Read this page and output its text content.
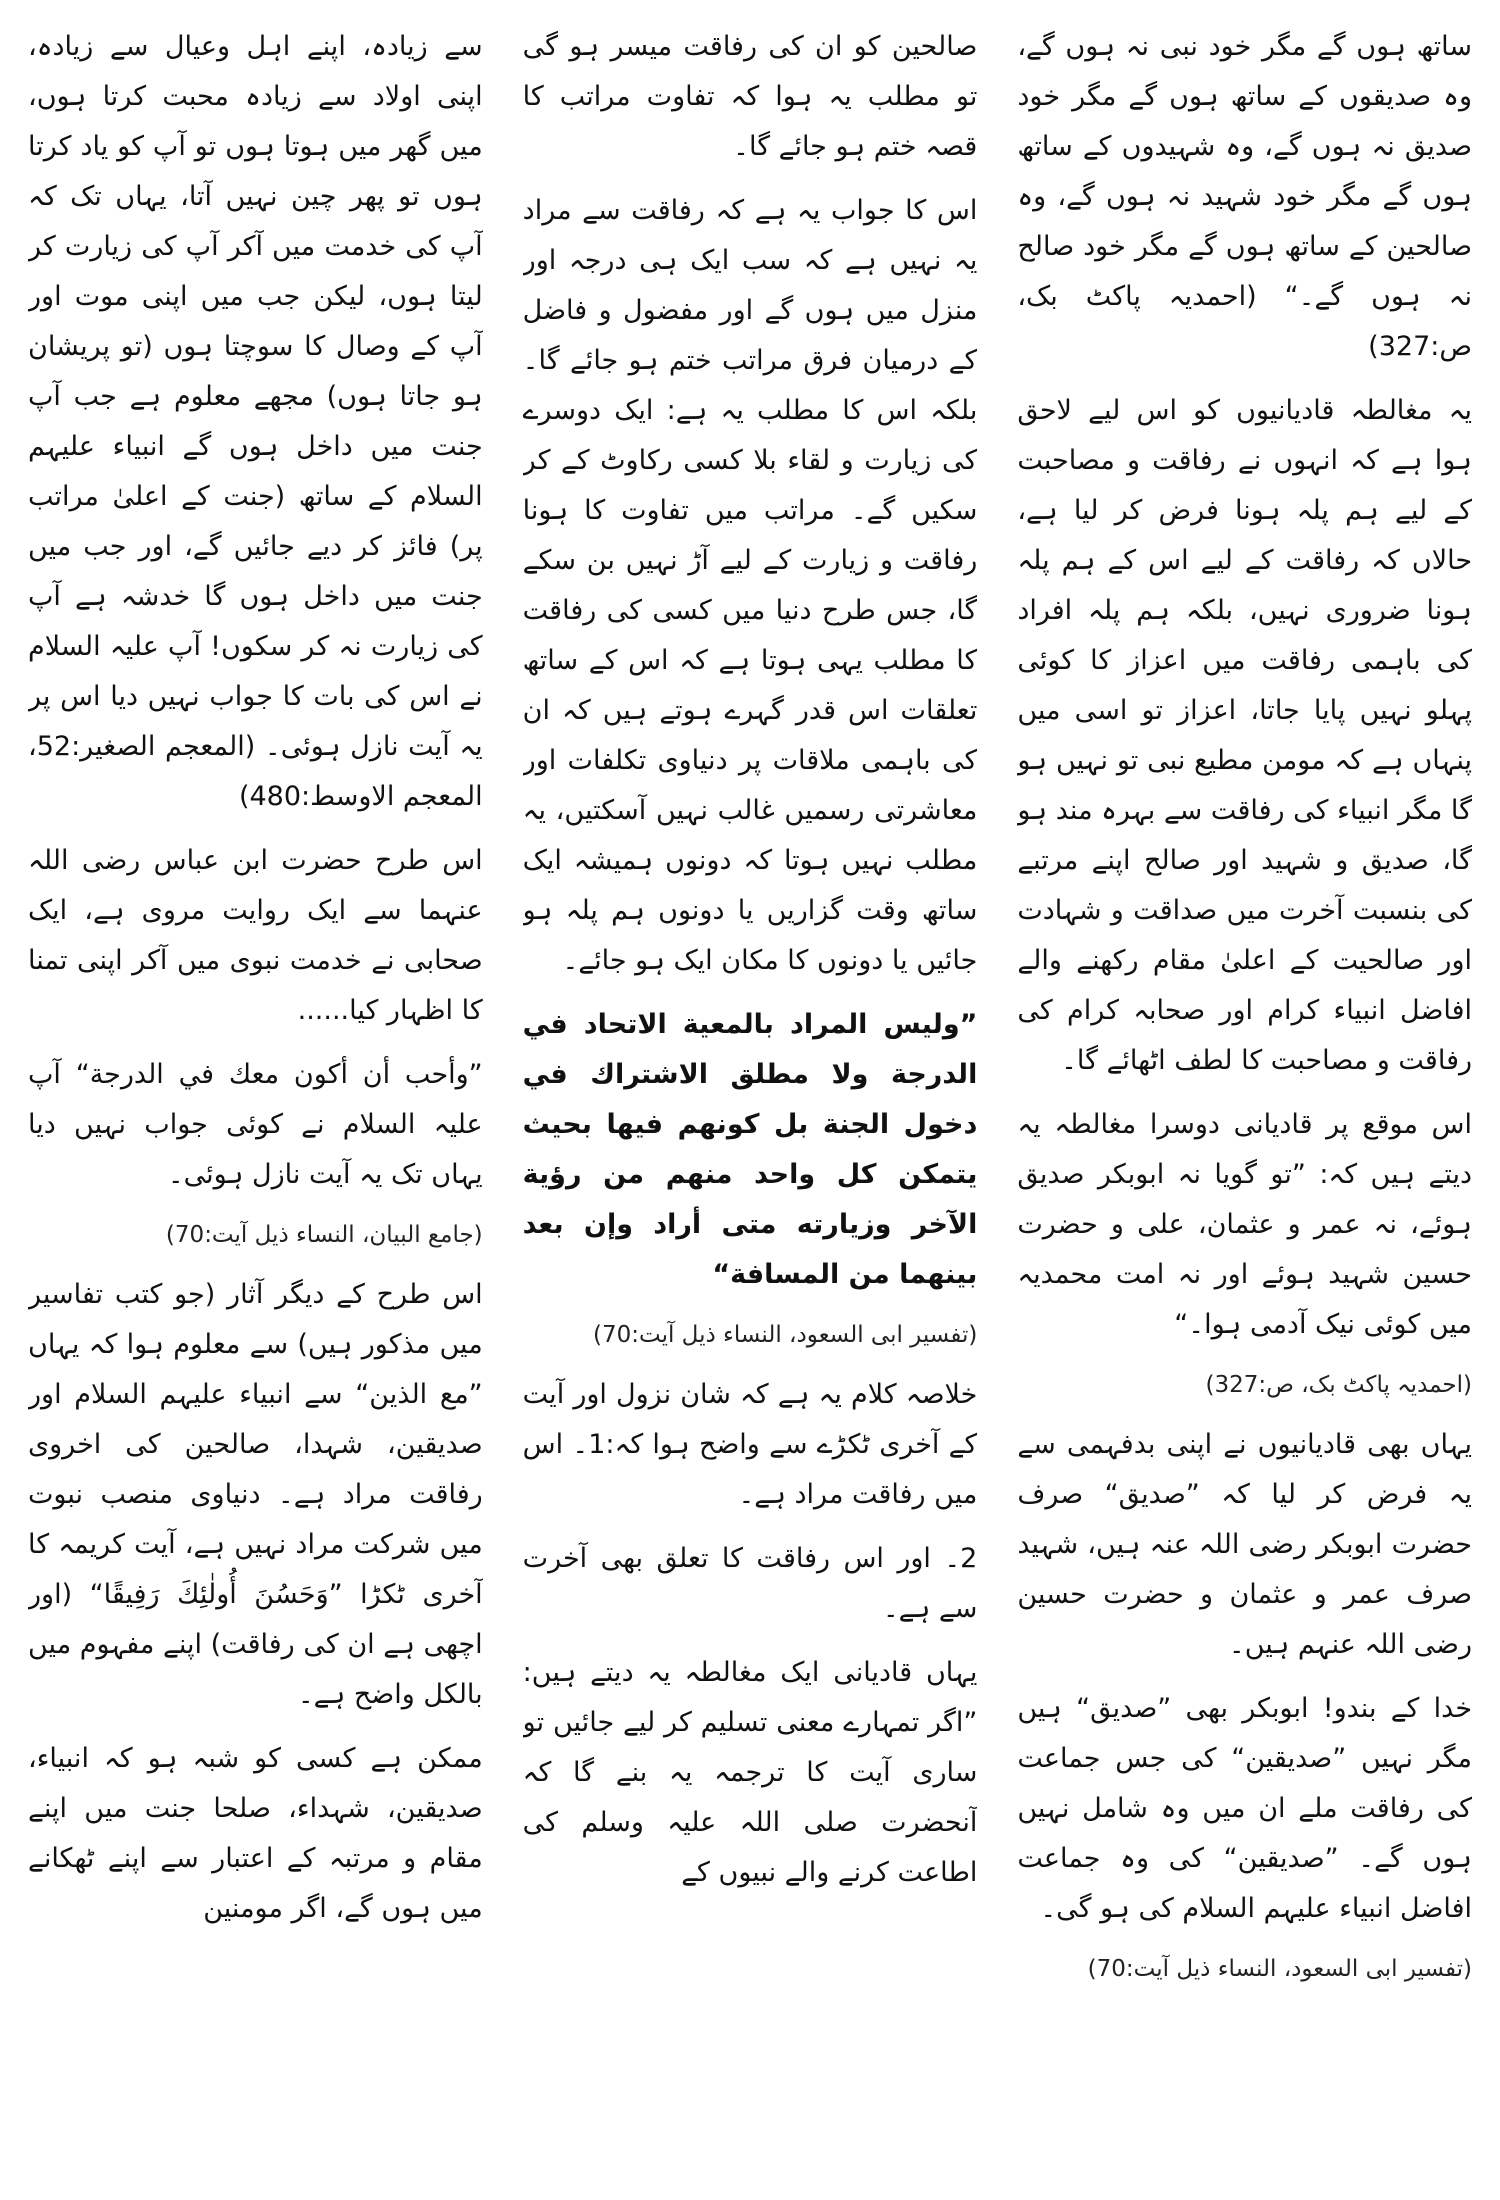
سے زیادہ، اپنے اہل وعیال سے زیادہ، اپنی اولاد سے زیادہ محبت کرتا ہوں، میں گھر میں ہوتا ہوں تو آپ کو یاد کرتا ہوں تو پھر چین نہیں آتا، یہاں تک کہ آپ کی خدمت میں آکر آپ کی زیارت کر لیتا ہوں، لیکن جب میں اپنی موت اور آپ کے وصال کا سوچتا ہوں (تو پریشان ہو جاتا ہوں) مجھے معلوم ہے جب آپ جنت میں داخل ہوں گے انبیاء علیہم السلام کے ساتھ (جنت کے اعلیٰ مراتب پر) فائز کر دیے جائیں گے، اور جب میں جنت میں داخل ہوں گا خدشہ ہے آپ کی زیارت نہ کر سکوں! آپ علیہ السلام نے اس کی بات کا جواب نہیں دیا اس پر یہ آیت نازل ہوئی۔ (المعجم الصغیر:52، المعجم الاوسط:480)

اس طرح حضرت ابن عباس رضی اللہ عنہما سے ایک روایت مروی ہے، ایک صحابی نے خدمت نبوی میں آکر اپنی تمنا کا اظہار کیا......

”وأحب أن أكون معك في الدرجة“ آپ علیہ السلام نے کوئی جواب نہیں دیا یہاں تک یہ آیت نازل ہوئی۔

(جامع البیان، النساء ذیل آیت:70)

اس طرح کے دیگر آثار (جو کتب تفاسیر میں مذکور ہیں) سے معلوم ہوا کہ یہاں ”مع الذین“ سے انبیاء علیہم السلام اور صدیقین، شہدا، صالحین کی اخروی رفاقت مراد ہے۔ دنیاوی منصب نبوت میں شرکت مراد نہیں ہے، آیت کریمہ کا آخری ٹکڑا ”وَحَسُنَ أُولٰئِكَ رَفِيقًا“ (اور اچھی ہے ان کی رفاقت) اپنے مفہوم میں بالکل واضح ہے۔

ممکن ہے کسی کو شبہ ہو کہ انبیاء، صدیقین، شہداء، صلحا جنت میں اپنے مقام و مرتبہ کے اعتبار سے اپنے ٹھکانے میں ہوں گے، اگر مومنین

صالحین کو ان کی رفاقت میسر ہو گی تو مطلب یہ ہوا کہ تفاوت مراتب کا قصہ ختم ہو جائے گا۔

اس کا جواب یہ ہے کہ رفاقت سے مراد یہ نہیں ہے کہ سب ایک ہی درجہ اور منزل میں ہوں گے اور مفضول و فاضل کے درمیان فرق مراتب ختم ہو جائے گا۔ بلکہ اس کا مطلب یہ ہے: ایک دوسرے کی زیارت و لقاء بلا کسی رکاوٹ کے کر سکیں گے۔ مراتب میں تفاوت کا ہونا رفاقت و زیارت کے لیے آڑ نہیں بن سکے گا، جس طرح دنیا میں کسی کی رفاقت کا مطلب یہی ہوتا ہے کہ اس کے ساتھ تعلقات اس قدر گہرے ہوتے ہیں کہ ان کی باہمی ملاقات پر دنیاوی تکلفات اور معاشرتی رسمیں غالب نہیں آسکتیں، یہ مطلب نہیں ہوتا کہ دونوں ہمیشہ ایک ساتھ وقت گزاریں یا دونوں ہم پلہ ہو جائیں یا دونوں کا مکان ایک ہو جائے۔

”وليس المراد بالمعية الاتحاد في الدرجة ولا مطلق الاشتراك في دخول الجنة بل كونهم فيها بحيث يتمكن كل واحد منهم من رؤية الآخر وزيارته متى أراد وإن بعد بينهما من المسافة“

(تفسیر ابی السعود، النساء ذیل آیت:70)

خلاصہ کلام یہ ہے کہ شان نزول اور آیت کے آخری ٹکڑے سے واضح ہوا کہ:1۔ اس میں رفاقت مراد ہے۔

2۔ اور اس رفاقت کا تعلق بھی آخرت سے ہے۔

یہاں قادیانی ایک مغالطہ یہ دیتے ہیں: ”اگر تمہارے معنی تسلیم کر لیے جائیں تو ساری آیت کا ترجمہ یہ بنے گا کہ آنحضرت صلی اللہ علیہ وسلم کی اطاعت کرنے والے نبیوں کے

ساتھ ہوں گے مگر خود نبی نہ ہوں گے، وہ صدیقوں کے ساتھ ہوں گے مگر خود صدیق نہ ہوں گے، وہ شہیدوں کے ساتھ ہوں گے مگر خود شہید نہ ہوں گے، وہ صالحین کے ساتھ ہوں گے مگر خود صالح نہ ہوں گے۔“ (احمدیہ پاکٹ بک، ص:327)

یہ مغالطہ قادیانیوں کو اس لیے لاحق ہوا ہے کہ انہوں نے رفاقت و مصاحبت کے لیے ہم پلہ ہونا فرض کر لیا ہے، حالاں کہ رفاقت کے لیے اس کے ہم پلہ ہونا ضروری نہیں، بلکہ ہم پلہ افراد کی باہمی رفاقت میں اعزاز کا کوئی پہلو نہیں پایا جاتا، اعزاز تو اسی میں پنہاں ہے کہ مومن مطیع نبی تو نہیں ہو گا مگر انبیاء کی رفاقت سے بہرہ مند ہو گا، صدیق و شہید اور صالح اپنے مرتبے کی بنسبت آخرت میں صداقت و شہادت اور صالحیت کے اعلیٰ مقام رکھنے والے افاضل انبیاء کرام اور صحابہ کرام کی رفاقت و مصاحبت کا لطف اٹھائے گا۔

اس موقع پر قادیانی دوسرا مغالطہ یہ دیتے ہیں کہ: ”تو گویا نہ ابوبکر صدیق ہوئے، نہ عمر و عثمان، علی و حضرت حسین شہید ہوئے اور نہ امت محمدیہ میں کوئی نیک آدمی ہوا۔“

(احمدیہ پاکٹ بک، ص:327)

یہاں بھی قادیانیوں نے اپنی بدفہمی سے یہ فرض کر لیا کہ ”صدیق“ صرف حضرت ابوبکر رضی اللہ عنہ ہیں، شہید صرف عمر و عثمان و حضرت حسین رضی اللہ عنہم ہیں۔

خدا کے بندو! ابوبکر بھی ”صدیق“ ہیں مگر نہیں ”صدیقین“ کی جس جماعت کی رفاقت ملے ان میں وہ شامل نہیں ہوں گے۔ ”صدیقین“ کی وہ جماعت افاضل انبیاء علیہم السلام کی ہو گی۔

(تفسیر ابی السعود، النساء ذیل آیت:70)
